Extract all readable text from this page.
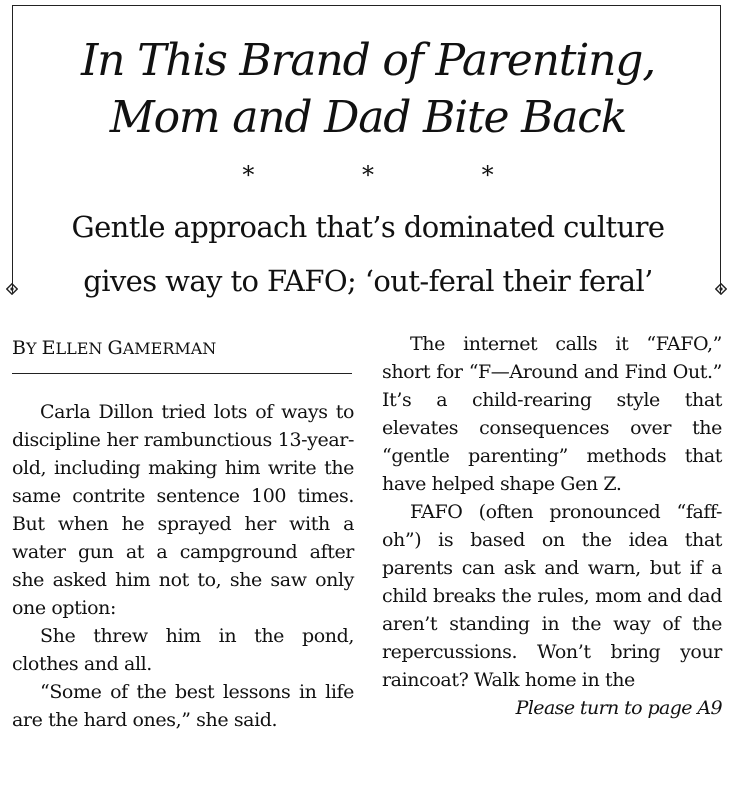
In This Brand of Parenting,
Mom and Dad Bite Back
* * *
Gentle approach that’s dominated culture
gives way to FAFO; ‘out-feral their feral’
BY ELLEN GAMERMAN

Carla Dillon tried lots of ways to discipline her rambunctious 13-year-old, including making him write the same contrite sentence 100 times. But when he sprayed her with a water gun at a campground after she asked him not to, she saw only one option:

She threw him in the pond, clothes and all.

“Some of the best lessons in life are the hard ones,” she said.

The internet calls it “FAFO,” short for “F—Around and Find Out.” It’s a child-rearing style that elevates consequences over the “gentle parenting” methods that have helped shape Gen Z.

FAFO (often pronounced “faff-oh”) is based on the idea that parents can ask and warn, but if a child breaks the rules, mom and dad aren’t standing in the way of the repercussions. Won’t bring your raincoat? Walk home in the

Please turn to page A9
